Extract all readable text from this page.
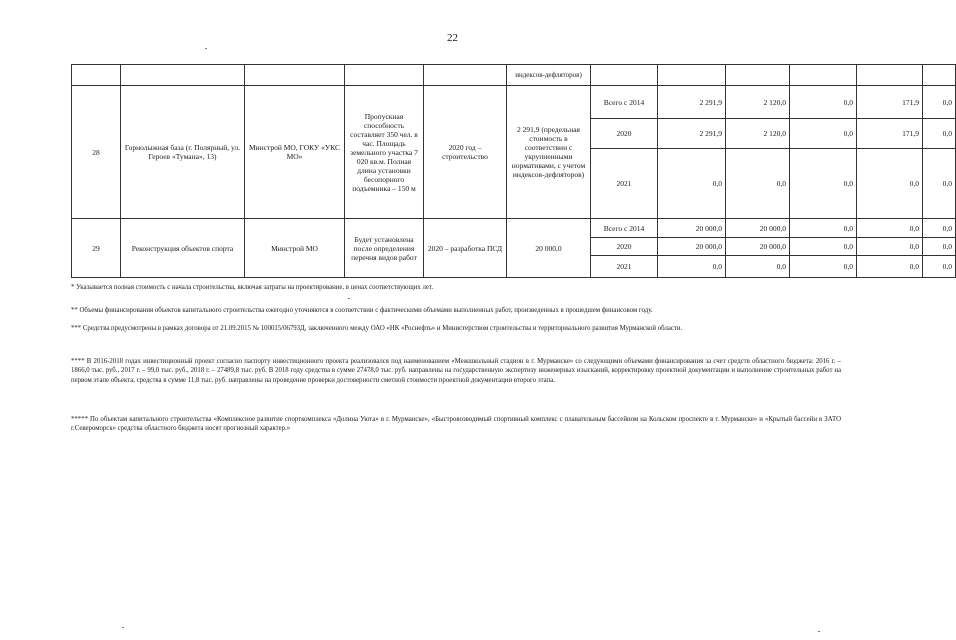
22
					индексов-дефляторов)						
28	Горнолыжная база (г. Полярный, ул. Героев «Тумана», 13)	Минстрой МО, ГОКУ «УКС МО»	Пропускная способность составляет 350 чел. в час. Площадь земельного участка 7 020 кв.м. Полная длина установки бесопорного подъемника – 150 м	2020 год – строительство	2 291,9 (предельная стоимость в соответствии с укрупненными нормативами, с учетом индексов-дефляторов)	Всего с 2014	2 291,9	2 120,0	0,0	171,9	0,0
						2020	2 291,9	2 120,0	0,0	171,9	0,0
						2021	0,0	0,0	0,0	0,0	0,0
29	Реконструкция объектов спорта	Минстрой МО	Будет установлена после определения перечня видов работ	2020 – разработка ПСД	20 000,0	Всего с 2014	20 000,0	20 000,0	0,0	0,0	0,0
						2020	20 000,0	20 000,0	0,0	0,0	0,0
						2021	0,0	0,0	0,0	0,0	0,0
* Указывается полная стоимость с начала строительства, включая затраты на проектирование, в ценах соответствующих лет.
** Объемы финансирования объектов капитального строительства ежегодно уточняются в соответствии с фактическими объемами выполненных работ, произведенных в прошедшем финансовом году.
*** Средства предусмотрены в рамках договора от 21.09.2015 № 100015/06793Д, заключенного между ОАО «НК «Роснефть» и Министерством строительства и территориального развития Мурманской области.
**** В 2016-2018 годах инвестиционный проект согласно паспорту инвестиционного проекта реализовался под наименованием «Межшкольный стадион в г. Мурманске» со следующими объемами финансирования за счет средств областного бюджета: 2016 г. – 1866,0 тыс. руб., 2017 г. – 99,0 тыс. руб., 2018 г. – 27489,8 тыс. руб. В 2018 году средства в сумме 27478,0 тыс. руб. направлены на государственную экспертизу инженерных изысканий, корректировку проектной документации и выполнение строительных работ на первом этапе объекта, средства в сумме 11,8 тыс. руб. направлены на проведение проверки достоверности сметной стоимости проектной документации второго этапа.
***** По объектам капитального строительства «Комплексное развитие спорткомплекса «Долина Уюта» в г. Мурманске», «Быстровозводимый спортивный комплекс с плавательным бассейном на Кольском проспекте в г. Мурманске» и «Крытый бассейн в ЗАТО г.Североморск» средства областного бюджета носят прогнозный характер.»
